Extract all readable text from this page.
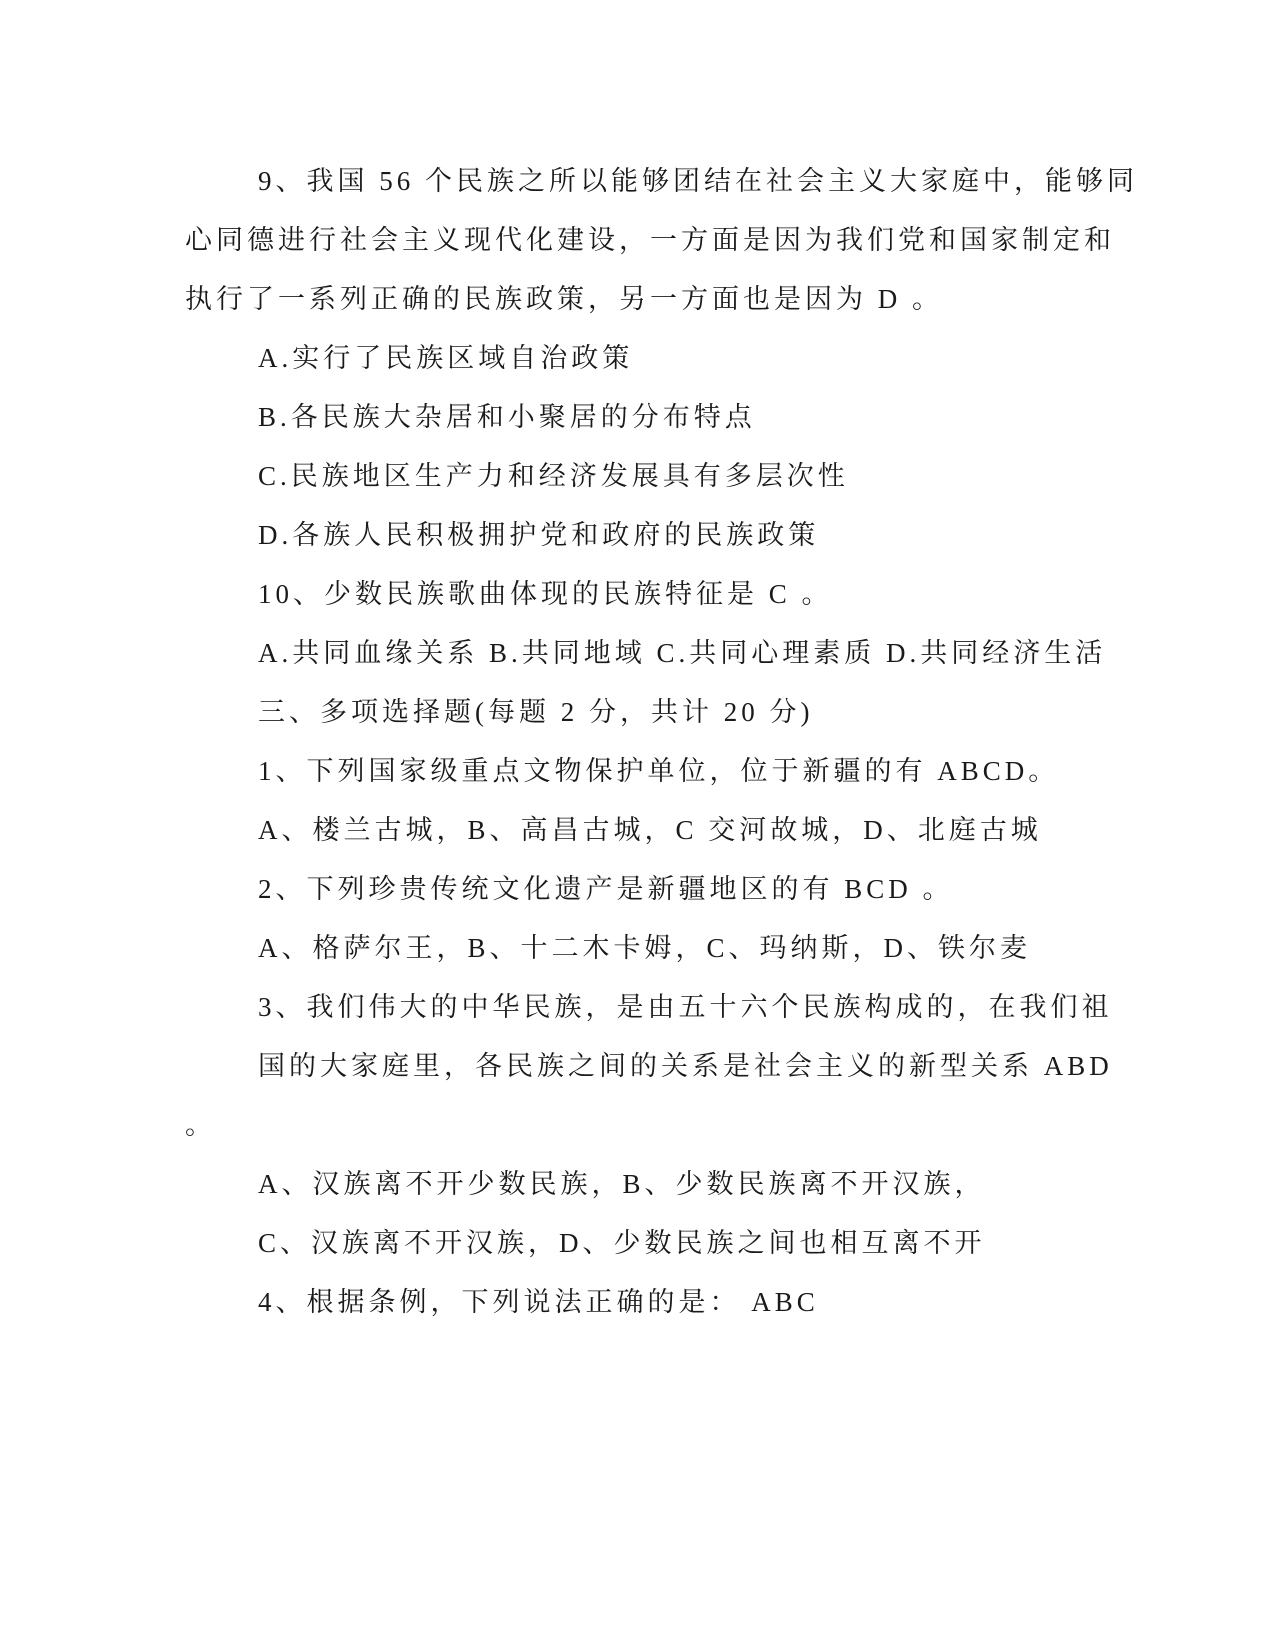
9、我国 56 个民族之所以能够团结在社会主义大家庭中，能够同
心同德进行社会主义现代化建设，一方面是因为我们党和国家制定和
执行了一系列正确的民族政策，另一方面也是因为 D 。
A.实行了民族区域自治政策
B.各民族大杂居和小聚居的分布特点
C.民族地区生产力和经济发展具有多层次性
D.各族人民积极拥护党和政府的民族政策
10、少数民族歌曲体现的民族特征是 C 。
A.共同血缘关系 B.共同地域 C.共同心理素质 D.共同经济生活
三、多项选择题(每题 2 分，共计 20 分)
1、下列国家级重点文物保护单位，位于新疆的有 ABCD。
A、楼兰古城，B、高昌古城，C 交河故城，D、北庭古城
2、下列珍贵传统文化遗产是新疆地区的有 BCD 。
A、格萨尔王，B、十二木卡姆，C、玛纳斯，D、铁尔麦
3、我们伟大的中华民族，是由五十六个民族构成的，在我们祖
国的大家庭里，各民族之间的关系是社会主义的新型关系 ABD
。
A、汉族离不开少数民族，B、少数民族离不开汉族，
C、汉族离不开汉族，D、少数民族之间也相互离不开
4、根据条例，下列说法正确的是： ABC
